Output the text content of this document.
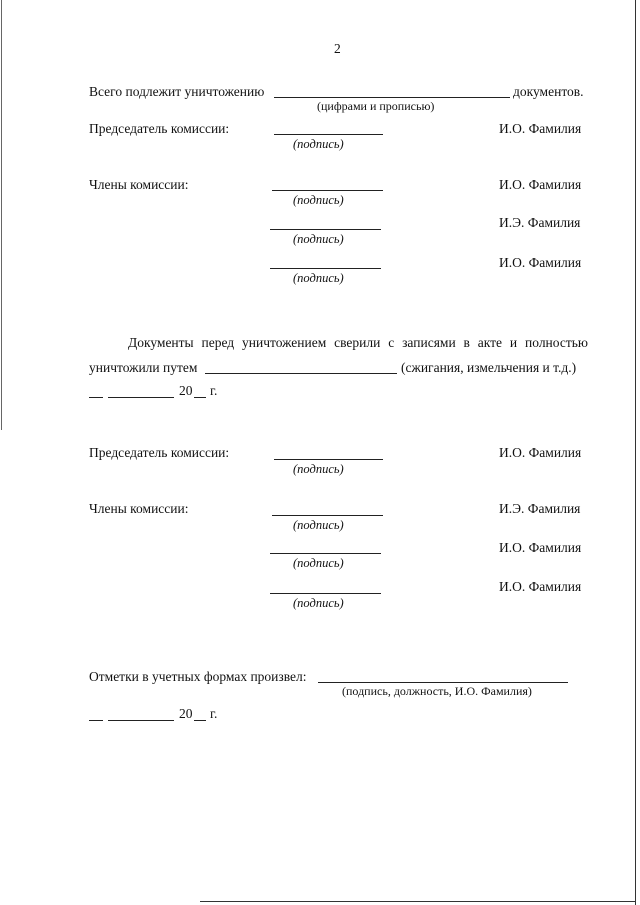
2
Всего подлежит уничтожению	документов.
(цифрами и прописью)
Председатель комиссии:
(подпись)
И.О. Фамилия
Члены комиссии:
(подпись)
И.О. Фамилия
(подпись)
И.Э. Фамилия
(подпись)
И.О. Фамилия
Документы перед уничтожением сверили с записями в акте и полностью
уничтожили путем	(сжигания, измельчения и т.д.)
20 г.
Председатель комиссии:
(подпись)
И.О. Фамилия
Члены комиссии:
(подпись)
И.Э. Фамилия
(подпись)
И.О. Фамилия
(подпись)
И.О. Фамилия
Отметки в учетных формах произвел:
(подпись, должность, И.О. Фамилия)
20 г.
